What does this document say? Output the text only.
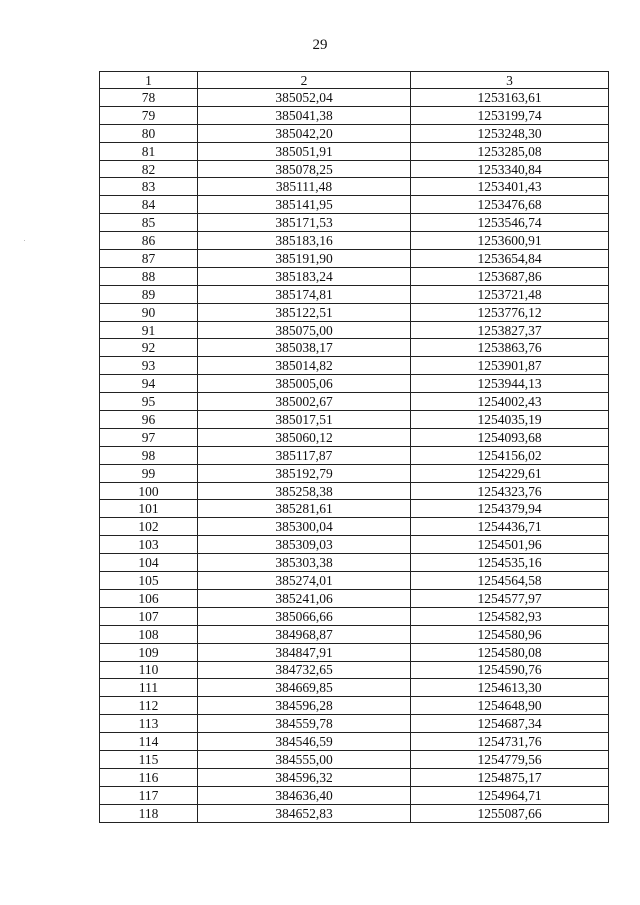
29
1	2	3
78	385052,04	1253163,61
79	385041,38	1253199,74
80	385042,20	1253248,30
81	385051,91	1253285,08
82	385078,25	1253340,84
83	385111,48	1253401,43
84	385141,95	1253476,68
85	385171,53	1253546,74
86	385183,16	1253600,91
87	385191,90	1253654,84
88	385183,24	1253687,86
89	385174,81	1253721,48
90	385122,51	1253776,12
91	385075,00	1253827,37
92	385038,17	1253863,76
93	385014,82	1253901,87
94	385005,06	1253944,13
95	385002,67	1254002,43
96	385017,51	1254035,19
97	385060,12	1254093,68
98	385117,87	1254156,02
99	385192,79	1254229,61
100	385258,38	1254323,76
101	385281,61	1254379,94
102	385300,04	1254436,71
103	385309,03	1254501,96
104	385303,38	1254535,16
105	385274,01	1254564,58
106	385241,06	1254577,97
107	385066,66	1254582,93
108	384968,87	1254580,96
109	384847,91	1254580,08
110	384732,65	1254590,76
111	384669,85	1254613,30
112	384596,28	1254648,90
113	384559,78	1254687,34
114	384546,59	1254731,76
115	384555,00	1254779,56
116	384596,32	1254875,17
117	384636,40	1254964,71
118	384652,83	1255087,66
